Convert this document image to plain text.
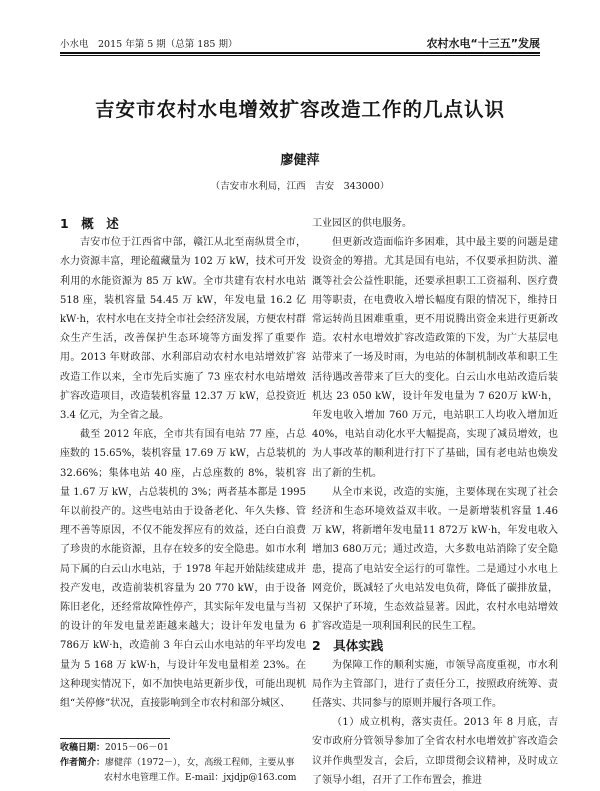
小水电　2015 年第 5 期（总第 185 期）	农村水电“十三五”发展
吉安市农村水电增效扩容改造工作的几点认识
廖健萍
（吉安市水利局，江西　吉安　343000）

1　概　述

吉安市位于江西省中部，赣江从北至南纵贯全市，水力资源丰富，理论蕴藏量为 102 万 kW，技术可开发利用的水能资源为 85 万 kW。全市共建有农村水电站 518 座，装机容量 54.45 万 kW，年发电量 16.2 亿 kW·h，农村水电在支持全市社会经济发展，方便农村群众生产生活，改善保护生态环境等方面发挥了重要作用。2013 年财政部、水利部启动农村水电站增效扩容改造工作以来，全市先后实施了 73 座农村水电站增效扩容改造项目，改造装机容量 12.37 万 kW，总投资近 3.4 亿元，为全省之最。

截至 2012 年底，全市共有国有电站 77 座，占总座数的 15.65%，装机容量 17.69 万 kW，占总装机的 32.66%；集体电站 40 座，占总座数的 8%，装机容量 1.67 万 kW，占总装机的 3%；两者基本都是 1995 年以前投产的。这些电站由于设备老化、年久失修、管理不善等原因，不仅不能发挥应有的效益，还白白浪费了珍贵的水能资源，且存在较多的安全隐患。如市水利局下属的白云山水电站，于 1978 年起开始陆续建成并投产发电，改造前装机容量为 20 770 kW，由于设备陈旧老化，还经常故障性停产，其实际年发电量与当初的设计的年发电量差距越来越大；设计年发电量为 6 786万 kW·h，改造前 3 年白云山水电站的年平均发电量为 5 168 万 kW·h，与设计年发电量相差 23%。在这种现实情况下，如不加快电站更新步伐，可能出现机组“关停修”状况，直接影响到全市农村和部分城区、

工业园区的供电服务。

但更新改造面临许多困难，其中最主要的问题是建设资金的筹措。尤其是国有电站，不仅要承担防洪、灌溉等社会公益性职能，还要承担职工工资福利、医疗费用等职责，在电费收入增长幅度有限的情况下，维持日常运转尚且困难重重，更不用说腾出资金来进行更新改造。农村水电增效扩容改造政策的下发，为广大基层电站带来了一场及时雨，为电站的体制机制改革和职工生活待遇改善带来了巨大的变化。白云山水电站改造后装机达 23 050 kW，设计年发电量为 7 620万 kW·h，年发电收入增加 760 万元，电站职工人均收入增加近 40%，电站自动化水平大幅提高，实现了减员增效，也为人事改革的顺利进行打下了基础，国有老电站也焕发出了新的生机。

从全市来说，改造的实施，主要体现在实现了社会经济和生态环境效益双丰收。一是新增装机容量 1.46 万 kW，将新增年发电量11 872万 kW·h，年发电收入增加3 680万元；通过改造，大多数电站消除了安全隐患，提高了电站安全运行的可靠性。二是通过小水电上网竞价，既减轻了火电站发电负荷，降低了碳排放量，又保护了环境，生态效益显著。因此，农村水电站增效扩容改造是一项利国利民的民生工程。

2　具体实践

为保障工作的顺利实施，市领导高度重视，市水利局作为主管部门，进行了责任分工，按照政府统筹、责任落实、共同参与的原则并履行各项工作。

（1）成立机构，落实责任。2013 年 8 月底，吉安市政府分管领导参加了全省农村水电增效扩容改造会议并作典型发言，会后，立即贯彻会议精神，及时成立了领导小组，召开了工作布置会，推进

收稿日期：2015－06－01
作者简介：廖健萍（1972－），女，高级工程师，主要从事
农村水电管理工作。E-mail：jxjdjp@163.com
